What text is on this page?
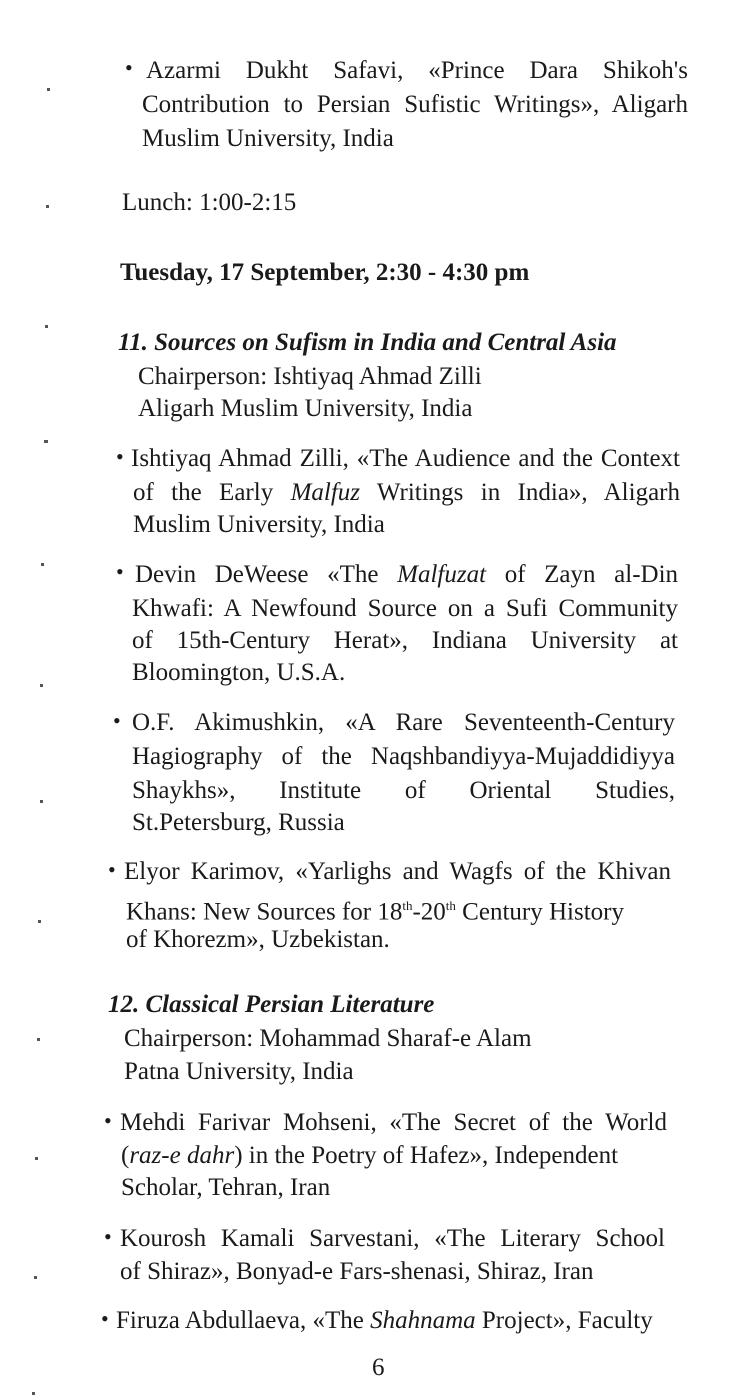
• Azarmi Dukht Safavi, «Prince Dara Shikoh's
Contribution to Persian Sufistic Writings», Aligarh
Muslim University, India
Lunch: 1:00-2:15
Tuesday, 17 September, 2:30 - 4:30 pm
11. Sources on Sufism in India and Central Asia
Chairperson: Ishtiyaq Ahmad Zilli
Aligarh Muslim University, India
• Ishtiyaq Ahmad Zilli, «The Audience and the Context
of the Early Malfuz Writings in India», Aligarh
Muslim University, India
• Devin DeWeese «The Malfuzat of Zayn al-Din
Khwafi: A Newfound Source on a Sufi Community
of 15th-Century Herat», Indiana University at
Bloomington, U.S.A.
• O.F. Akimushkin, «A Rare Seventeenth-Century
Hagiography of the Naqshbandiyya-Mujaddidiyya
Shaykhs», Institute of Oriental Studies,
St.Petersburg, Russia
• Elyor Karimov, «Yarlighs and Wagfs of the Khivan
Khans: New Sources for 18th-20th Century History
of Khorezm», Uzbekistan.
12. Classical Persian Literature
Chairperson: Mohammad Sharaf-e Alam
Patna University, India
• Mehdi Farivar Mohseni, «The Secret of the World
(raz-e dahr) in the Poetry of Hafez», Independent
Scholar, Tehran, Iran
• Kourosh Kamali Sarvestani, «The Literary School
of Shiraz», Bonyad-e Fars-shenasi, Shiraz, Iran
• Firuza Abdullaeva, «The Shahnama Project», Faculty
6
